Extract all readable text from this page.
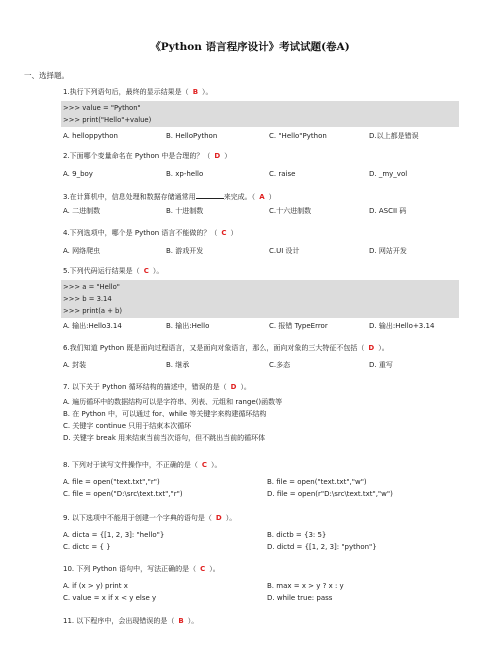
《Python 语言程序设计》考试试题(卷A)
一、选择题。
1.执行下列语句后，最终的显示结果是（ B ）。
>>> value = "Python"
>>> print("Hello"+value)
A. helloppython	B. HelloPython	C. "Hello"Python	D.以上都是错误
2.下面哪个变量命名在 Python 中是合理的？（ D ）
A. 9_boy	B. xp-hello	C. raise	D. _my_vol
3.在计算机中，信息处理和数据存储通常用	来完成。（ A ）
A. 二进制数	B. 十进制数	C.十六进制数	D. ASCII 码
4.下列选项中，哪个是 Python 语言不能做的？（ C ）
A. 网络爬虫	B. 游戏开发	C.UI 设计	D. 网站开发
5.下列代码运行结果是（ C ）。
>>> a = "Hello"
>>> b = 3.14
>>> print(a + b)
A. 输出:Hello3.14	B. 输出:Hello	C. 报错 TypeError	D. 输出:Hello+3.14
6.我们知道 Python 既是面向过程语言，又是面向对象语言，那么，面向对象的三大特征不包括（ D ）。
A. 封装	B. 继承	C.多态	D. 重写
7. 以下关于 Python 循环结构的描述中，错误的是（ D ）。
A. 遍历循环中的数据结构可以是字符串、列表、元组和 range()函数等
B. 在 Python 中，可以通过 for、while 等关键字来构建循环结构
C. 关键字 continue 只用于结束本次循环
D. 关键字 break 用来结束当前当次语句，但不跳出当前的循环体
8. 下列对于读写文件操作中，不正确的是（ C ）。
A. file = open("text.txt","r")	B. file = open("text.txt","w")
C. file = open("D:\src\text.txt","r")	D. file = open(r"D:\src\text.txt","w")
9. 以下选项中不能用于创建一个字典的语句是（ D ）。
A. dicta = {[1, 2, 3]: "hello"}	B. dictb = {3: 5}
C. dictc = { }	D. dictd = {[1, 2, 3]: "python"}
10. 下列 Python 语句中，写法正确的是（ C ）。
A. if (x > y) print x	B. max = x > y ? x : y
C. value = x if x < y else y	D. while true: pass
11. 以下程序中，会出现错误的是（ B ）。
